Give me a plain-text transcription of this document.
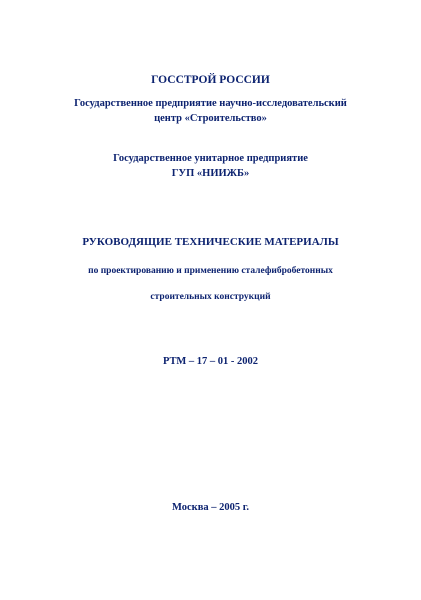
ГОССТРОЙ РОССИИ
Государственное предприятие научно-исследовательский
центр «Строительство»
Государственное унитарное предприятие
ГУП «НИИЖБ»
РУКОВОДЯЩИЕ ТЕХНИЧЕСКИЕ МАТЕРИАЛЫ
по проектированию и применению сталефибробетонных
строительных конструкций
РТМ – 17 – 01 - 2002
Москва – 2005 г.
